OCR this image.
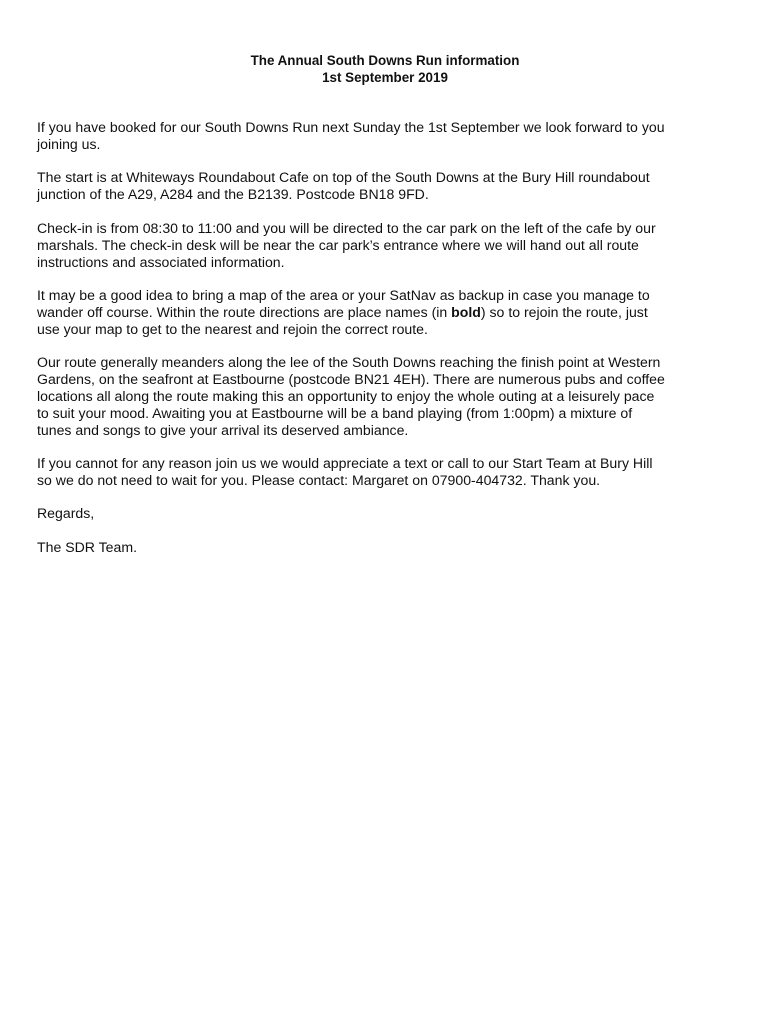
The Annual South Downs Run information
1st September 2019

If you have booked for our South Downs Run next Sunday the 1st September we look forward to you
joining us.

The start is at Whiteways Roundabout Cafe on top of the South Downs at the Bury Hill roundabout
junction of the A29, A284 and the B2139. Postcode BN18 9FD.

Check-in is from 08:30 to 11:00 and you will be directed to the car park on the left of the cafe by our
marshals. The check-in desk will be near the car park’s entrance where we will hand out all route
instructions and associated information.

It may be a good idea to bring a map of the area or your SatNav as backup in case you manage to
wander off course. Within the route directions are place names (in bold) so to rejoin the route, just
use your map to get to the nearest and rejoin the correct route.

Our route generally meanders along the lee of the South Downs reaching the finish point at Western
Gardens, on the seafront at Eastbourne (postcode BN21 4EH). There are numerous pubs and coffee
locations all along the route making this an opportunity to enjoy the whole outing at a leisurely pace
to suit your mood. Awaiting you at Eastbourne will be a band playing (from 1:00pm) a mixture of
tunes and songs to give your arrival its deserved ambiance.

If you cannot for any reason join us we would appreciate a text or call to our Start Team at Bury Hill
so we do not need to wait for you. Please contact: Margaret on 07900-404732. Thank you.

Regards,

The SDR Team.
